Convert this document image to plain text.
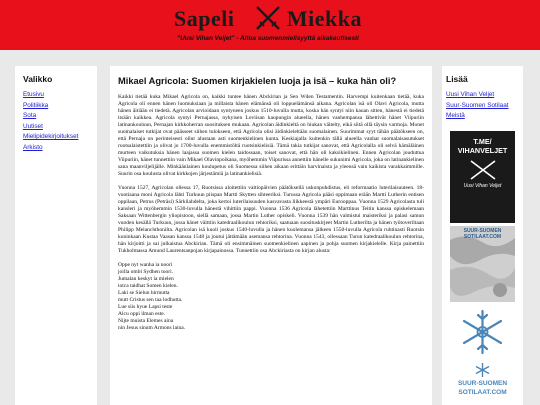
Sapeli Miekka
"Uusi Vihan Veljet" - Aitoa suomenmielisyyttä aikakautisesti
Valikko
Etusivu
Politiikka
Sota
Uutiset
Mielipidekirjoitukset
Arkisto
Mikael Agricola: Suomen kirjakielen luoja ja isä – kuka hän oli?

Kaikki tietää kuka Mikael Agricola on, kaikki tuntee hänen Abckirian ja Sen Wden Testamentin. Harvempi kuitenkaan tietää, kuka Agricola oli ennen hänen luomuksiaan ja millaista hänen elämänsä oli loppuelämänsä aikana. Agricolan isä oli Olavi Agricola, mutta hänen äitiään ei tiedetä. Agricolan arvioidaan syntyneen joskus 1510-luvulla mutta, koska hän syntyi niin kauan sitten, hänestä ei tiedetä itsään kaikkea. Agricola syntyi Pernajassa, nykyisen Loviisan kaupungin alueella, hänen vanhempansa lähettivät hänet Viipuriin latinankouluun, Pernajan kirkkoherran suosituksen mukaan. Agricolan äidinkieltä on hiukan väitelty, eikä siitä ollä täysin varmoja. Monet suomalaiset tutkijat ovat päässeet siihen tulokseen, että Agricola olisi äidinkieleltään suomalainen. Suurimmat syyt tähän päätökseen on, että Pernaja on perinteisesti ollut alustaan asti suomenkielinen kunta. Keskiajalla kuitenkin tällä alueella vanhat suomalaisasutukset ruotsalaistettiin ja olivat jo 1700-luvulla enemmistöltä ruotsinkielisiä. Tämä takia tutkijat sanovat, että Agricolalla oli selvä hämäläinen murteen vaikutuksia hänen laajassa suomen kielen taidossaan, toiset sanovat, että hän oli kaksikielinen. Ennen Agricolan jouduttua Viipuriin, hänet tunnettiin vain Mikael Olavinpoikana, myöhemmin Viipurissa annettiin hänelle sukunimi Agricola, joka on latinankielinen sana maanviljelijälle. Minkäänlainen koulupetus oli Suomessa siihen aikaan erittäin harvinaista ja yleensä vain kaikista varakkaimmille. Suurin osa koulusta olivat kirkkojen järjestämiä ja latinankielisiä.

Vuonna 1527, Agricolan ollessa 17, Ruotsissa aloitettiin valtiopäivien päätöksellä uskonpuhdistus, eli reformaatio luterilaisuuteen. 18-vuotiaana moni Agricola lähti Turkuun piispan Martti Skytten sihteeriksi. Turussa Agricola pääsi oppimaan erään Martti Lutherin entisen oppilaan, Petrus (Peträsi) Särkilahdelta, joka kertoi luterilaisuuden kasvavasta liikkeestä ympäri Eurooppaa. Vuonna 1529 Agricolasta tuli kansleri ja myöhemmin 1530-luvulla hänestä vihittiin pappi. Vuonna 1536 Agricola lähetettiin Marttinus Teitin kanssa opiskelemaan Saksaan Wittenbergin yliopistoon, siellä samaan, jossa Martin Luther opiskeli. Vuonna 1539 hän valmistui maisteriksi ja palasi samun vuoden kesällä Turkuun, jossa hänet väittiin katedraalikoulun rehtoriksi, saatuaan suosituskirjeet Martin Lutherilta ja hänen työtoveriltaan Philipp Melanchthonilta. Agricolan isä kuoli joskus 1540-luvulla ja hänen kuolemansa jälkeen 1550-luvulla Agricola ruhtinasti Ruotsin kuninkaan Kustaa Vaasan kanssa 1548 ja joutui jättämään asemansa rehtorina. Vuonna 1543, ollessaan Turun katedraalikoulun rehtorina, hän kirjoitti ja sai julkaistua Abckirian. Tämä oli ensimmäinen suomenkielinen aapinen ja pohja suomen kirjakielelle. Kirja painettiin Tukholmassa Amund Laurentsanpojan kirjapainossa. Tunnettiin osa Abckiriasta on kirjan alusta:

Oppe nyt wanha ia noori
joilla ombi Sydhen toori.
Jumalan keskyt ia mielen
iotca taidhat Somen kielen.
Laki se Sielun hirmutta
mutt Cristus sen taa lodhutta.
Lue siis hyue Lapsi teste
Alcu oppi ilman este.
Nijte muista Elemes aina
nin Jesus sinum Armons laina.
Lisää
Uusi Vihan Veljet
Suur-Suomen Sotilaat
Meistä
T.ME/
VIHANVELJET
Uusi Vihan Veljet
SUUR-SUOMEN
SOTILAAT.COM
SUUR-SUOMEN
SOTILAAT.COM
